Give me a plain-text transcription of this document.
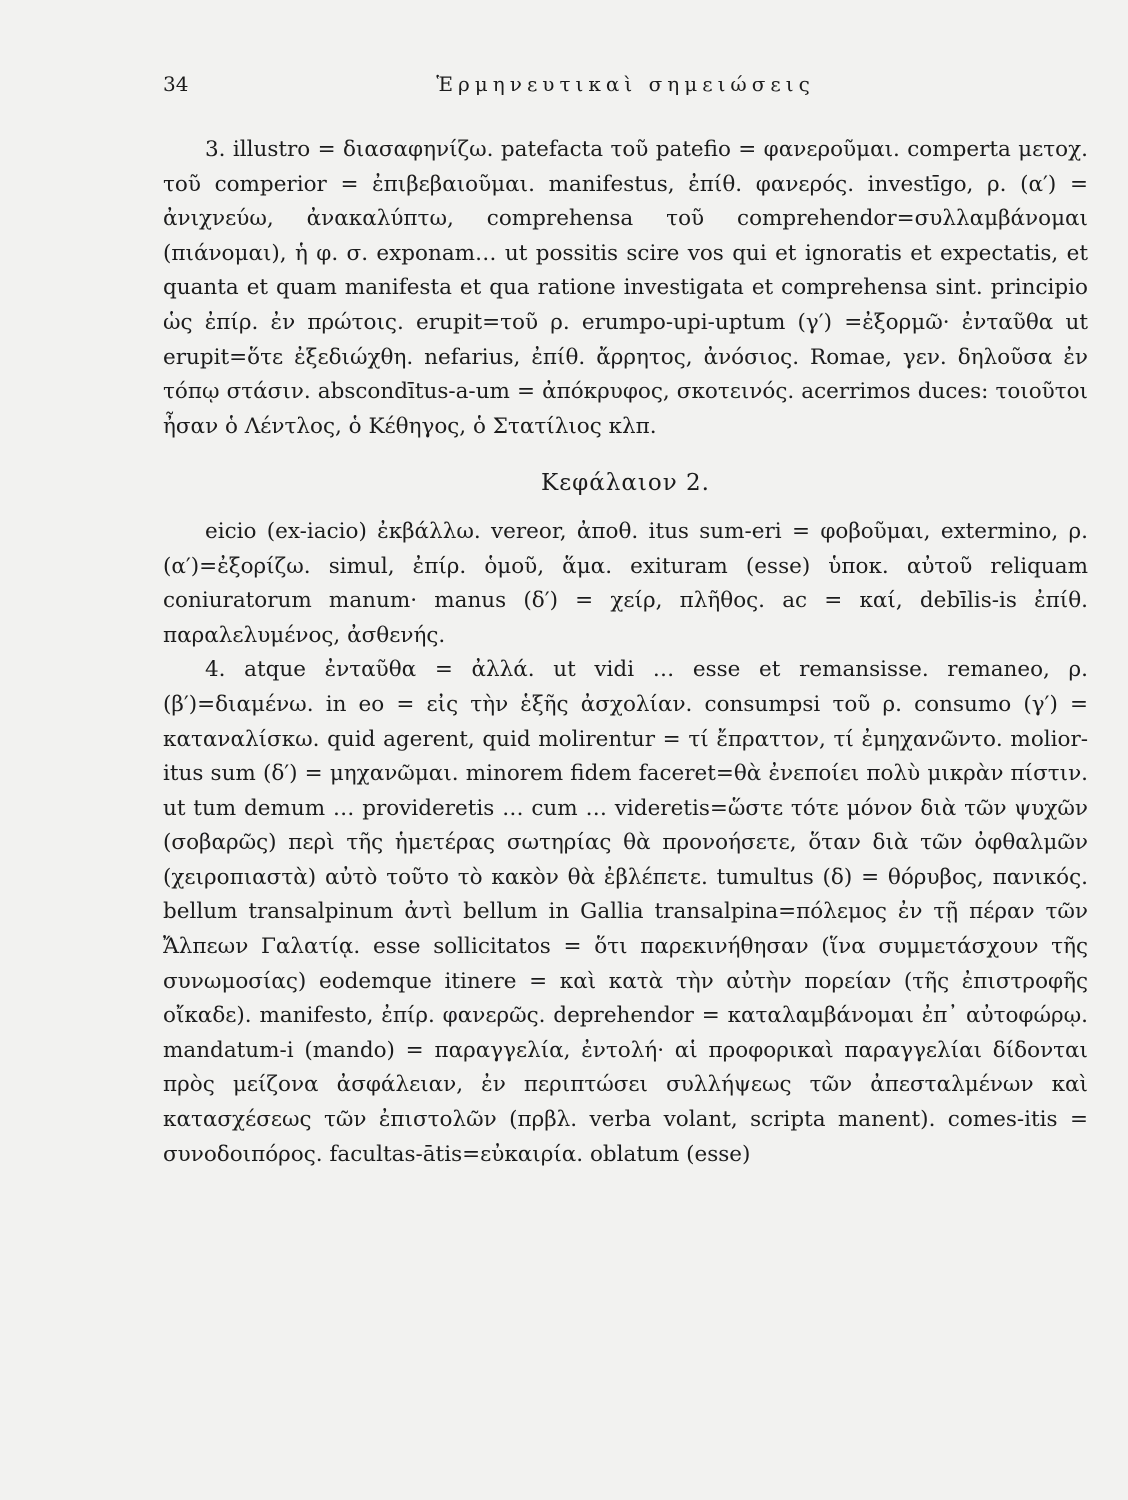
34	Ἑρμηνευτικαὶ σημειώσεις

3. illustro = διασαφηνίζω. patefacta τοῦ patefio = φανεροῦμαι. comperta μετοχ. τοῦ comperior = ἐπιβεβαιοῦμαι. manifestus, ἐπίθ. φανερός. investīgo, ρ. (α′) = ἀνιχνεύω, ἀνακαλύπτω, comprehensa τοῦ comprehendor=συλλαμβάνομαι (πιάνομαι), ἡ φ. σ. exponam… ut possitis scire vos qui et ignoratis et expectatis, et quanta et quam manifesta et qua ratione investigata et comprehensa sint. principio ὡς ἐπίρ. ἐν πρώτοις. erupit=τοῦ ρ. erumpo-upi-uptum (γ′) =ἐξορμῶ· ἐνταῦθα ut erupit=ὅτε ἐξεδιώχθη. nefarius, ἐπίθ. ἄρρητος, ἀνόσιος. Romae, γεν. δηλοῦσα ἐν τόπῳ στάσιν. abscondītus-a-um = ἀπόκρυφος, σκοτεινός. acerrimos duces: τοιοῦτοι ἦσαν ὁ Λέντλος, ὁ Κέθηγος, ὁ Στατίλιος κλπ.

Κεφάλαιον 2.

eicio (ex-iacio) ἐκβάλλω. vereor, ἀποθ. itus sum-eri = φοβοῦμαι, extermino, ρ. (α′)=ἐξορίζω. simul, ἐπίρ. ὁμοῦ, ἅμα. exituram (esse) ὑποκ. αὐτοῦ reliquam coniuratorum manum· manus (δ′) = χείρ, πλῆθος. ac = καί, debīlis-is ἐπίθ. παραλελυμένος, ἀσθενής.

4. atque ἐνταῦθα = ἀλλά. ut vidi … esse et remansisse. remaneo, ρ. (β′)=διαμένω. in eo = εἰς τὴν ἑξῆς ἀσχολίαν. consumpsi τοῦ ρ. consumo (γ′) = καταναλίσκω. quid agerent, quid molirentur = τί ἔπραττον, τί ἐμηχανῶντο. molior-itus sum (δ′) = μηχανῶμαι. minorem fidem faceret=θὰ ἐνεποίει πολὺ μικρὰν πίστιν. ut tum demum … provideretis … cum … videretis=ὥστε τότε μόνον διὰ τῶν ψυχῶν (σοβαρῶς) περὶ τῆς ἡμετέρας σωτηρίας θὰ προνοήσετε, ὅταν διὰ τῶν ὀφθαλμῶν (χειροπιαστὰ) αὐτὸ τοῦτο τὸ κακὸν θὰ ἐβλέπετε. tumultus (δ) = θόρυβος, πανικός. bellum transalpinum ἀντὶ bellum in Gallia transalpina=πόλεμος ἐν τῇ πέραν τῶν Ἄλπεων Γαλατίᾳ. esse sollicitatos = ὅτι παρεκινήθησαν (ἵνα συμμετάσχουν τῆς συνωμοσίας) eodemque itinere = καὶ κατὰ τὴν αὐτὴν πορείαν (τῆς ἐπιστροφῆς οἴκαδε). manifesto, ἐπίρ. φανερῶς. deprehendor = καταλαμβάνομαι ἐπ᾽ αὐτοφώρῳ. mandatum-i (mando) = παραγγελία, ἐντολή· αἱ προφορικαὶ παραγγελίαι δίδονται πρὸς μείζονα ἀσφάλειαν, ἐν περιπτώσει συλλήψεως τῶν ἀπεσταλμένων καὶ κατασχέσεως τῶν ἐπιστολῶν (πρβλ. verba volant, scripta manent). comes-itis = συνοδοιπόρος. facultas-ātis=εὐκαιρία. oblatum (esse)
